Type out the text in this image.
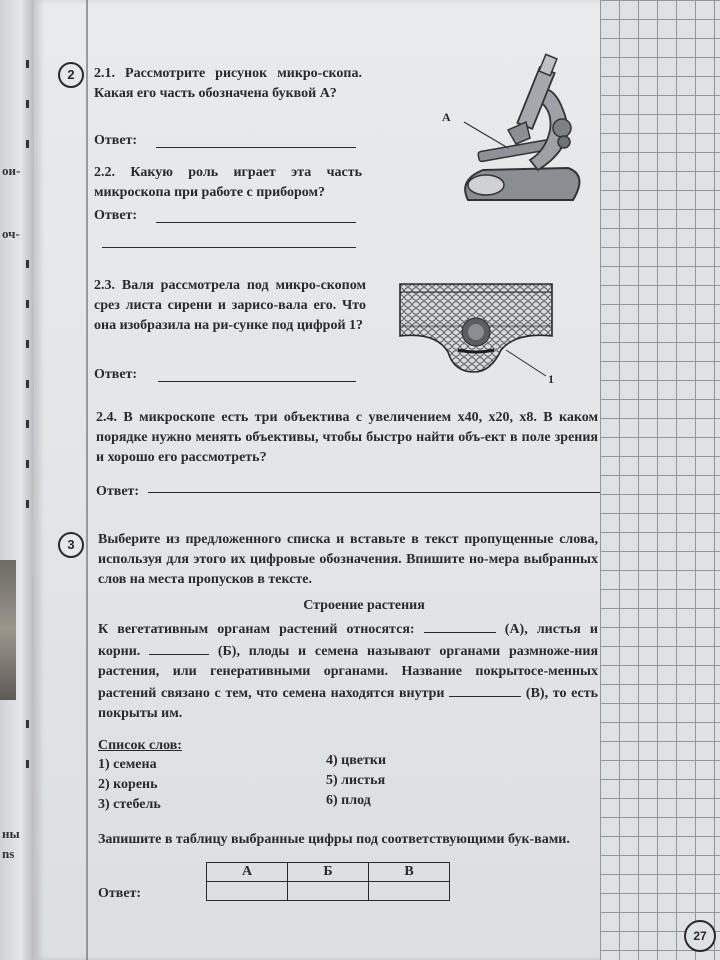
ои-
оч-
ны
ns
2	2.1. Рассмотрите рисунок микро-скопа. Какая его часть обозначена буквой А?
Ответ:
2.2. Какую роль играет эта часть микроскопа при работе с прибором?
Ответ:
А
2.3. Валя рассмотрела под микро-скопом срез листа сирени и зарисо-вала его. Что она изобразила на ри-сунке под цифрой 1?
Ответ:	1
2.4. В микроскопе есть три объектива с увеличением x40, x20, x8. В каком порядке нужно менять объективы, чтобы быстро найти объ-ект в поле зрения и хорошо его рассмотреть?
Ответ:
3	Выберите из предложенного списка и вставьте в текст пропущенные слова, используя для этого их цифровые обозначения. Впишите но-мера выбранных слов на места пропусков в тексте.
Строение растения
К вегетативным органам растений относятся:	(А), листья и корни.	(Б), плоды и семена называют органами размноже-ния растения, или генеративными органами. Название покрытосе-менных растений связано с тем, что семена находятся внутри	(В), то есть покрыты им.
Список слов:
1) семена
2) корень
3) стебель
4) цветки
5) листья
6) плод
Запишите в таблицу выбранные цифры под соответствующими бук-вами.
Ответ:
А	Б	В

27
